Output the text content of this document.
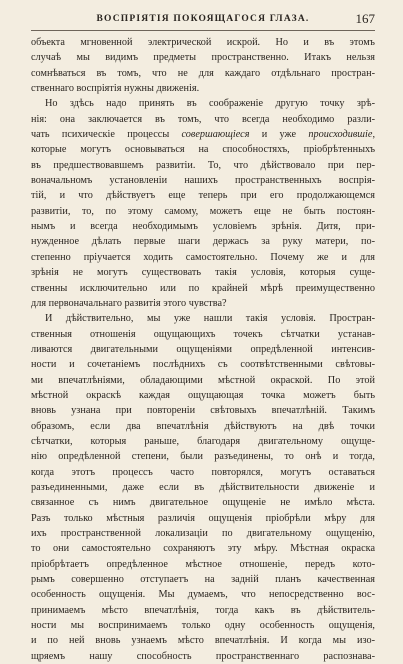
ВОСПРІЯТІЯ ПОКОЯЩАГОСЯ ГЛАЗА.	167
объекта мгновенной электрической искрой. Но и въ этомъ
случаѣ мы видимъ предметы пространственно. Итакъ нельзя
сомнѣваться въ томъ, что не для каждаго отдѣльнаго простран-
ственнаго воспріятія нужны движенія.
Но здѣсь надо принять въ соображеніе другую точку зрѣ-
нія: она заключается въ томъ, что всегда необходимо разли-
чать психическіе процессы совершающіеся и уже происходившіе,
которые могутъ основываться на способностяхъ, пріобрѣтенныхъ
въ предшествовавшемъ развитіи. То, что дѣйствовало при пер-
воначальномъ установленіи нашихъ пространственныхъ воспрія-
тій, и что дѣйствуетъ еще теперь при его продолжающемся
развитіи, то, по этому самому, можетъ еще не быть постоян-
нымъ и всегда необходимымъ условіемъ зрѣнія. Дитя, при-
нужденное дѣлать первые шаги держась за руку матери, по-
степенно пріучается ходить самостоятельно. Почему же и для
зрѣнія не могутъ существовать такія условія, которыя суще-
ственны исключительно или по крайней мѣрѣ преимущественно
для первоначальнаго развитія этого чувства?
И дѣйствительно, мы уже нашли такія условія. Простран-
ственныя отношенія ощущающихъ точекъ сѣтчатки устанав-
ливаются двигательными ощущеніями опредѣленной интенсив-
ности и сочетаніемъ послѣднихъ съ соотвѣтственными свѣтовы-
ми впечатлѣніями, обладающими мѣстной окраской. По этой
мѣстной окраскѣ каждая ощущающая точка можетъ быть
вновь узнана при повтореніи свѣтовыхъ впечатлѣній. Такимъ
образомъ, если два впечатлѣнія дѣйствуютъ на двѣ точки
сѣтчатки, которыя раньше, благодаря двигательному ощуще-
нію опредѣленной степени, были разъединены, то онѣ и тогда,
когда этотъ процессъ часто повторялся, могутъ оставаться
разъединенными, даже если въ дѣйствительности движеніе и
связанное съ нимъ двигательное ощущеніе не имѣло мѣста.
Разъ только мѣстныя различія ощущенія пріобрѣли мѣру для
ихъ пространственной локализаціи по двигательному ощущенію,
то они самостоятельно сохраняютъ эту мѣру. Мѣстная окраска
пріобрѣтаетъ опредѣленное мѣстное отношеніе, передъ кото-
рымъ совершенно отступаетъ на заднiй планъ качественная
особенность ощущенія. Мы думаемъ, что непосредственно вос-
принимаемъ мѣсто впечатлѣнія, тогда какъ въ дѣйствитель-
ности мы воспринимаемъ только одну особенность ощущенія,
и по ней вновь узнаемъ мѣсто впечатлѣнія. И когда мы изо-
щряемъ нашу способность пространственнаго распознава-
